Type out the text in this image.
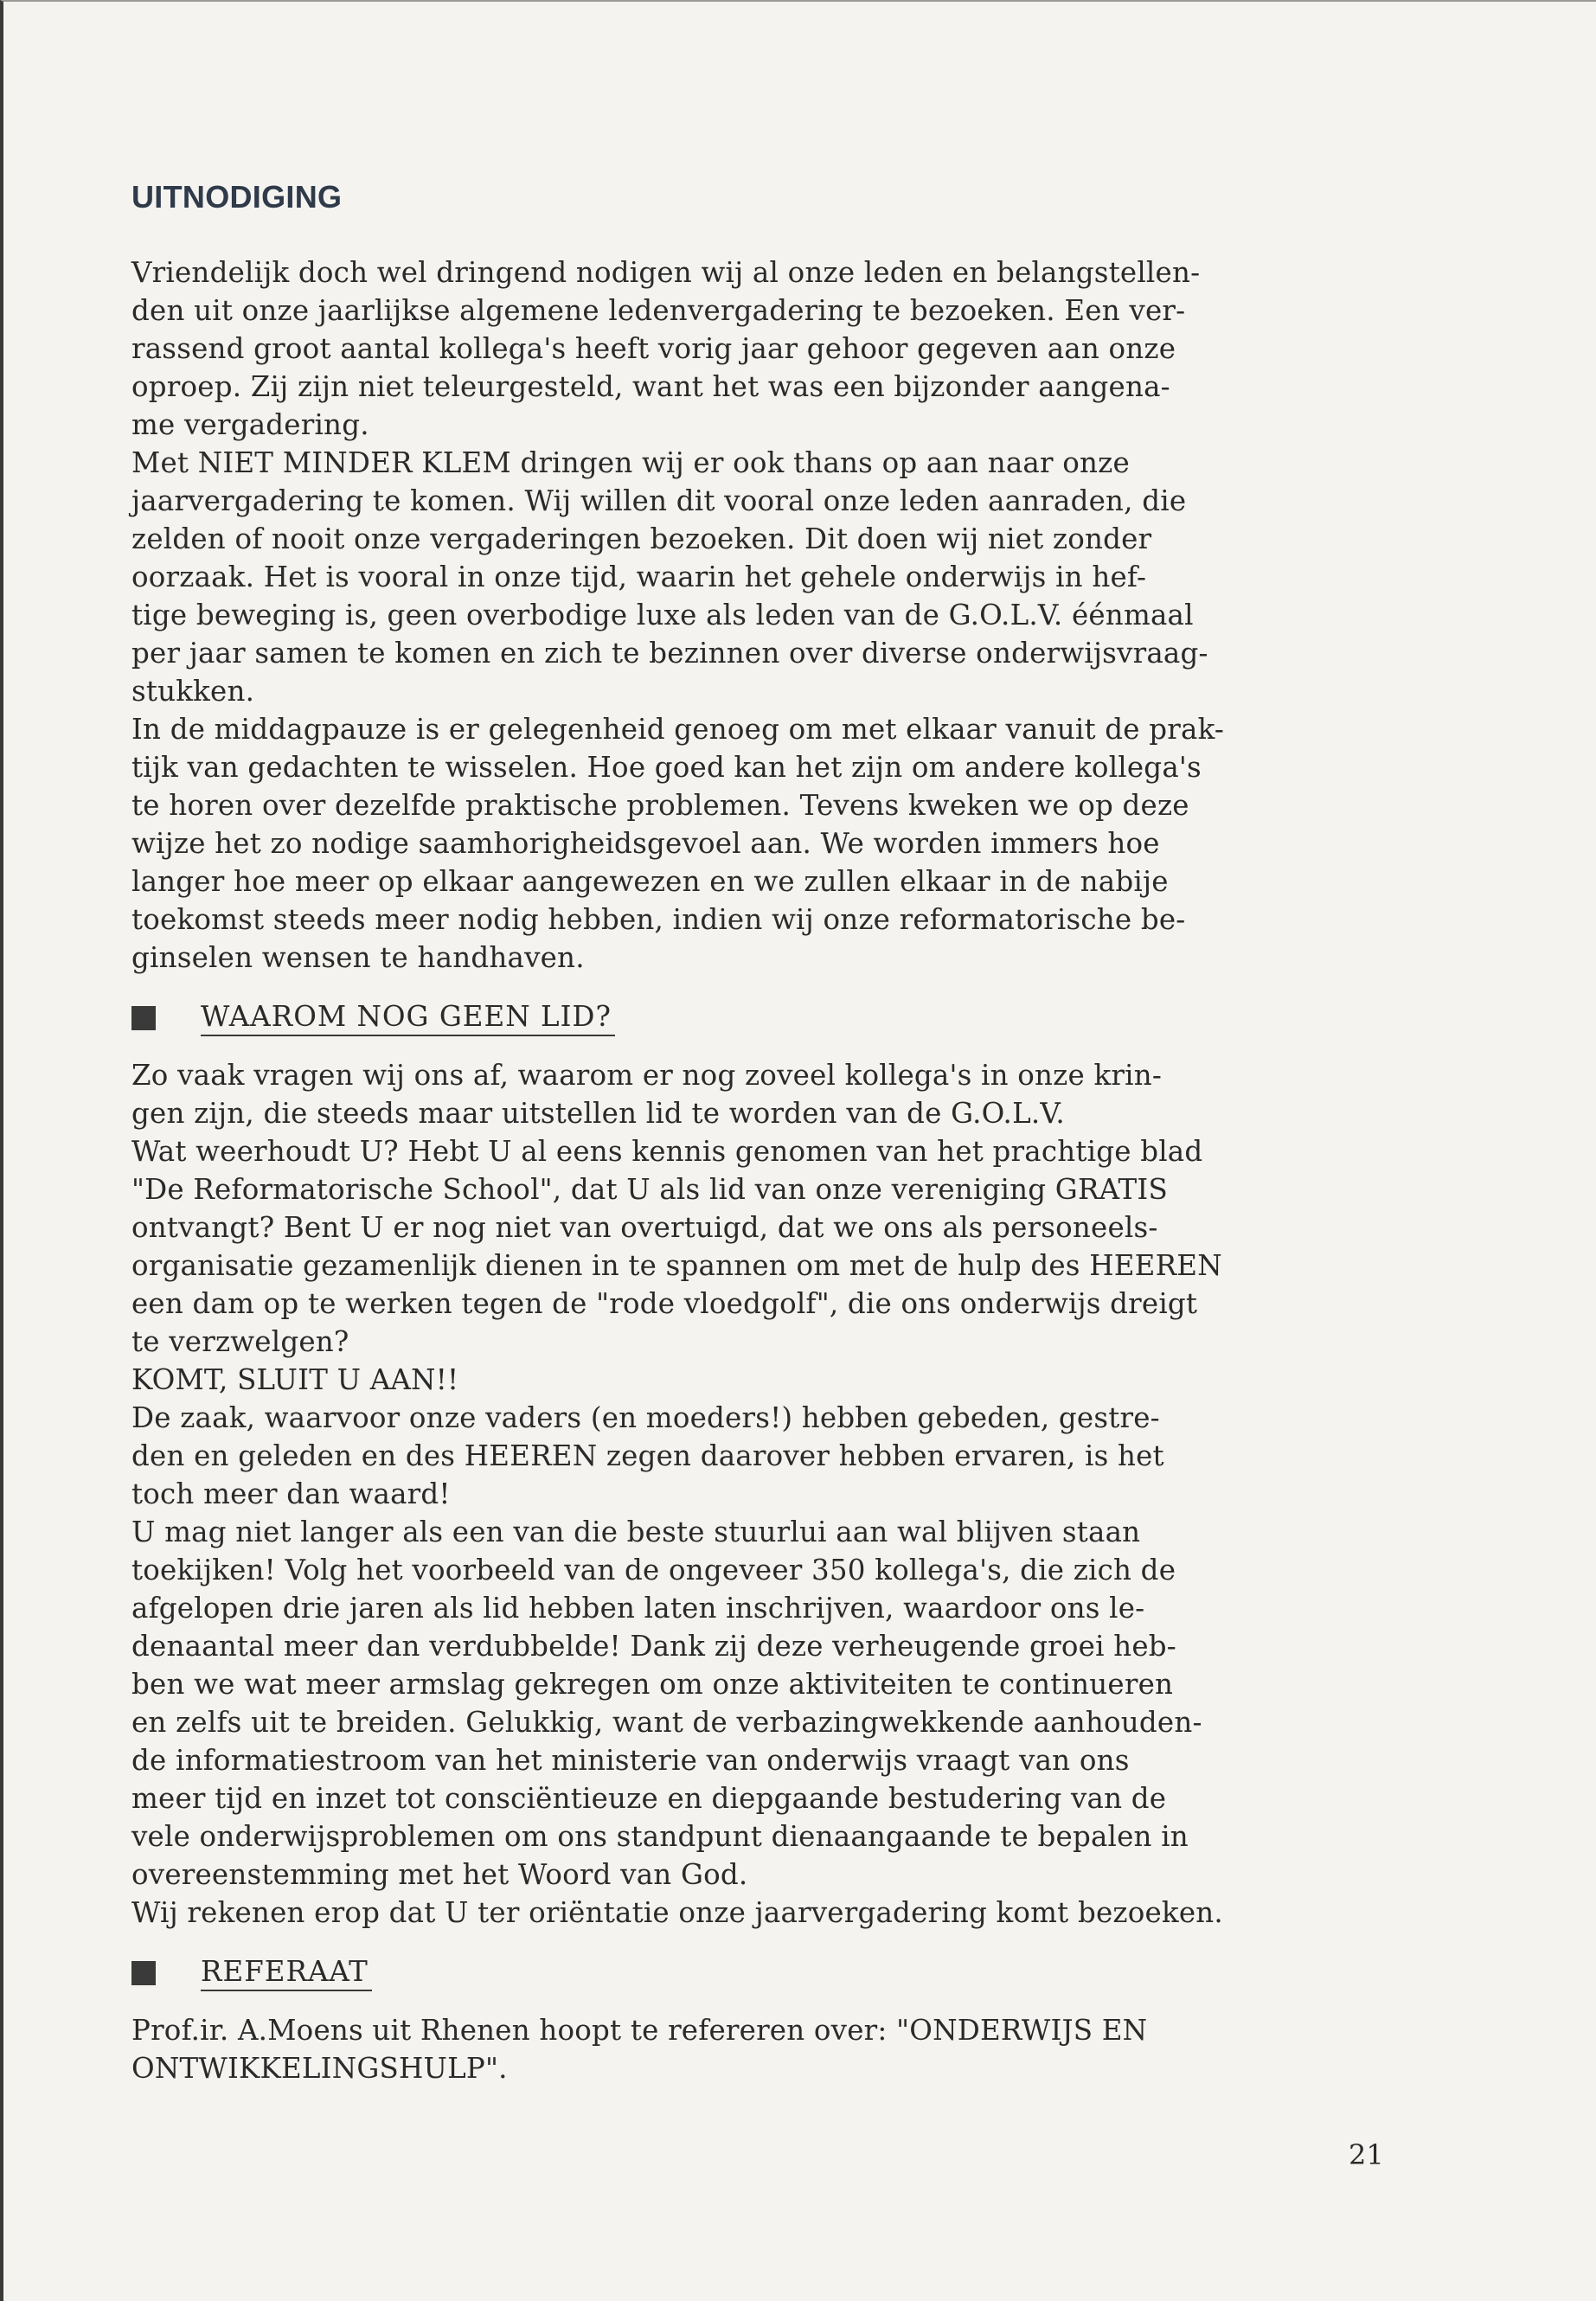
UITNODIGING

Vriendelijk doch wel dringend nodigen wij al onze leden en belangstellen-
den uit onze jaarlijkse algemene ledenvergadering te bezoeken. Een ver-
rassend groot aantal kollega's heeft vorig jaar gehoor gegeven aan onze
oproep. Zij zijn niet teleurgesteld, want het was een bijzonder aangena-
me vergadering.
Met NIET MINDER KLEM dringen wij er ook thans op aan naar onze
jaarvergadering te komen. Wij willen dit vooral onze leden aanraden, die
zelden of nooit onze vergaderingen bezoeken. Dit doen wij niet zonder
oorzaak. Het is vooral in onze tijd, waarin het gehele onderwijs in hef-
tige beweging is, geen overbodige luxe als leden van de G.O.L.V. éénmaal
per jaar samen te komen en zich te bezinnen over diverse onderwijsvraag-
stukken.
In de middagpauze is er gelegenheid genoeg om met elkaar vanuit de prak-
tijk van gedachten te wisselen. Hoe goed kan het zijn om andere kollega's
te horen over dezelfde praktische problemen. Tevens kweken we op deze
wijze het zo nodige saamhorigheidsgevoel aan. We worden immers hoe
langer hoe meer op elkaar aangewezen en we zullen elkaar in de nabije
toekomst steeds meer nodig hebben, indien wij onze reformatorische be-
ginselen wensen te handhaven.

WAAROM NOG GEEN LID?

Zo vaak vragen wij ons af, waarom er nog zoveel kollega's in onze krin-
gen zijn, die steeds maar uitstellen lid te worden van de G.O.L.V.
Wat weerhoudt U? Hebt U al eens kennis genomen van het prachtige blad
"De Reformatorische School", dat U als lid van onze vereniging GRATIS
ontvangt? Bent U er nog niet van overtuigd, dat we ons als personeels-
organisatie gezamenlijk dienen in te spannen om met de hulp des HEEREN
een dam op te werken tegen de "rode vloedgolf", die ons onderwijs dreigt
te verzwelgen?
KOMT, SLUIT U AAN!!
De zaak, waarvoor onze vaders (en moeders!) hebben gebeden, gestre-
den en geleden en des HEEREN zegen daarover hebben ervaren, is het
toch meer dan waard!
U mag niet langer als een van die beste stuurlui aan wal blijven staan
toekijken! Volg het voorbeeld van de ongeveer 350 kollega's, die zich de
afgelopen drie jaren als lid hebben laten inschrijven, waardoor ons le-
denaantal meer dan verdubbelde! Dank zij deze verheugende groei heb-
ben we wat meer armslag gekregen om onze aktiviteiten te continueren
en zelfs uit te breiden. Gelukkig, want de verbazingwekkende aanhouden-
de informatiestroom van het ministerie van onderwijs vraagt van ons
meer tijd en inzet tot consciëntieuze en diepgaande bestudering van de
vele onderwijsproblemen om ons standpunt dienaangaande te bepalen in
overeenstemming met het Woord van God.
Wij rekenen erop dat U ter oriëntatie onze jaarvergadering komt bezoeken.

REFERAAT

Prof.ir. A.Moens uit Rhenen hoopt te refereren over: "ONDERWIJS EN
ONTWIKKELINGSHULP".

21
